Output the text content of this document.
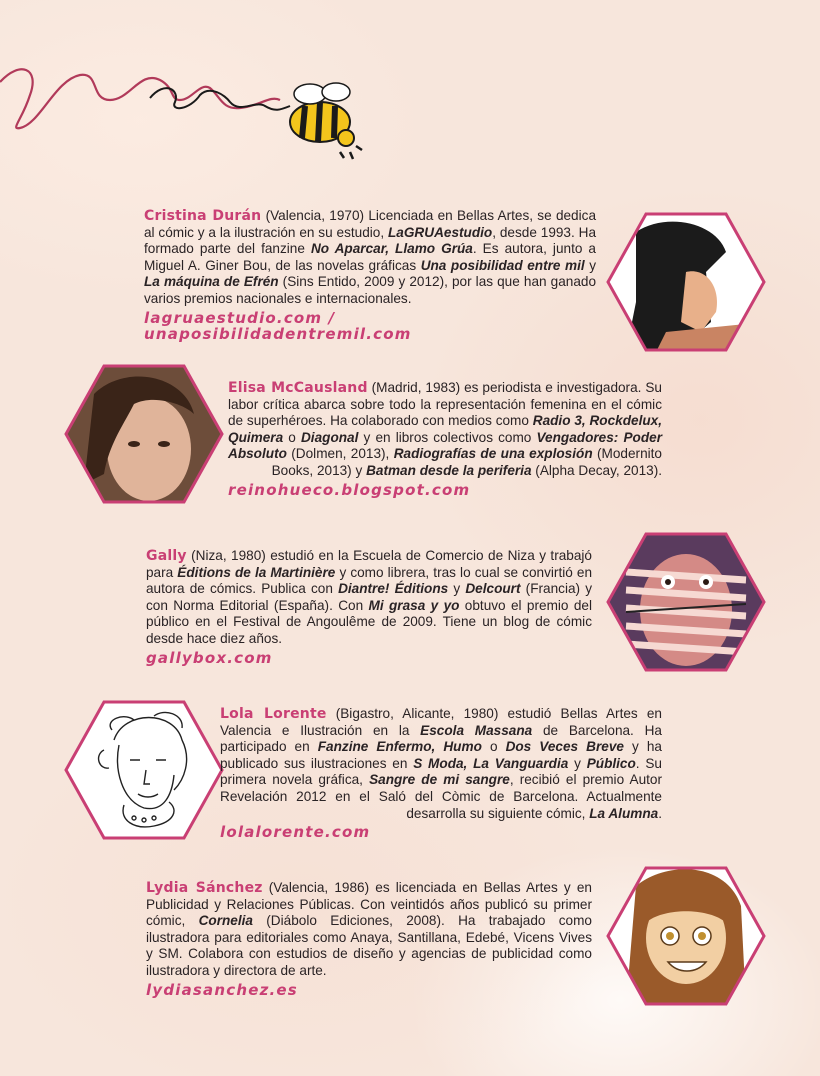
Cristina Durán (Valencia, 1970) Licenciada en Bellas Artes, se dedica al cómic y a la ilustración en su estudio, LaGRUAestudio, desde 1993. Ha formado parte del fanzine No Aparcar, Llamo Grúa. Es autora, junto a Miguel A. Giner Bou, de las novelas gráficas Una posibilidad entre mil y La máquina de Efrén (Sins Entido, 2009 y 2012), por las que han ganado varios premios nacionales e internacionales.

lagruaestudio.com / unaposibilidadentremil.com

Elisa McCausland (Madrid, 1983) es periodista e investigadora. Su labor crítica abarca sobre todo la representación femenina en el cómic de superhéroes. Ha colaborado con medios como Radio 3, Rockdelux, Quimera o Diagonal y en libros colectivos como Vengadores: Poder Absoluto (Dolmen, 2013), Radiografías de una explosión (Modernito Books, 2013) y Batman desde la periferia (Alpha Decay, 2013).

reinohueco.blogspot.com

Gally (Niza, 1980) estudió en la Escuela de Comercio de Niza y trabajó para Éditions de la Martinière y como librera, tras lo cual se convirtió en autora de cómics. Publica con Diantre! Éditions y Delcourt (Francia) y con Norma Editorial (España). Con Mi grasa y yo obtuvo el premio del público en el Festival de Angoulême de 2009. Tiene un blog de cómic desde hace diez años.

gallybox.com

Lola Lorente (Bigastro, Alicante, 1980) estudió Bellas Artes en Valencia e Ilustración en la Escola Massana de Barcelona. Ha participado en Fanzine Enfermo, Humo o Dos Veces Breve y ha publicado sus ilustraciones en S Moda, La Vanguardia y Público. Su primera novela gráfica, Sangre de mi sangre, recibió el premio Autor Revelación 2012 en el Saló del Còmic de Barcelona. Actualmente desarrolla su siguiente cómic, La Alumna.

lolalorente.com

Lydia Sánchez (Valencia, 1986) es licenciada en Bellas Artes y en Publicidad y Relaciones Públicas. Con veintidós años publicó su primer cómic, Cornelia (Diábolo Ediciones, 2008). Ha trabajado como ilustradora para editoriales como Anaya, Santillana, Edebé, Vicens Vives y SM. Colabora con estudios de diseño y agencias de publicidad como ilustradora y directora de arte.

lydiasanchez.es
